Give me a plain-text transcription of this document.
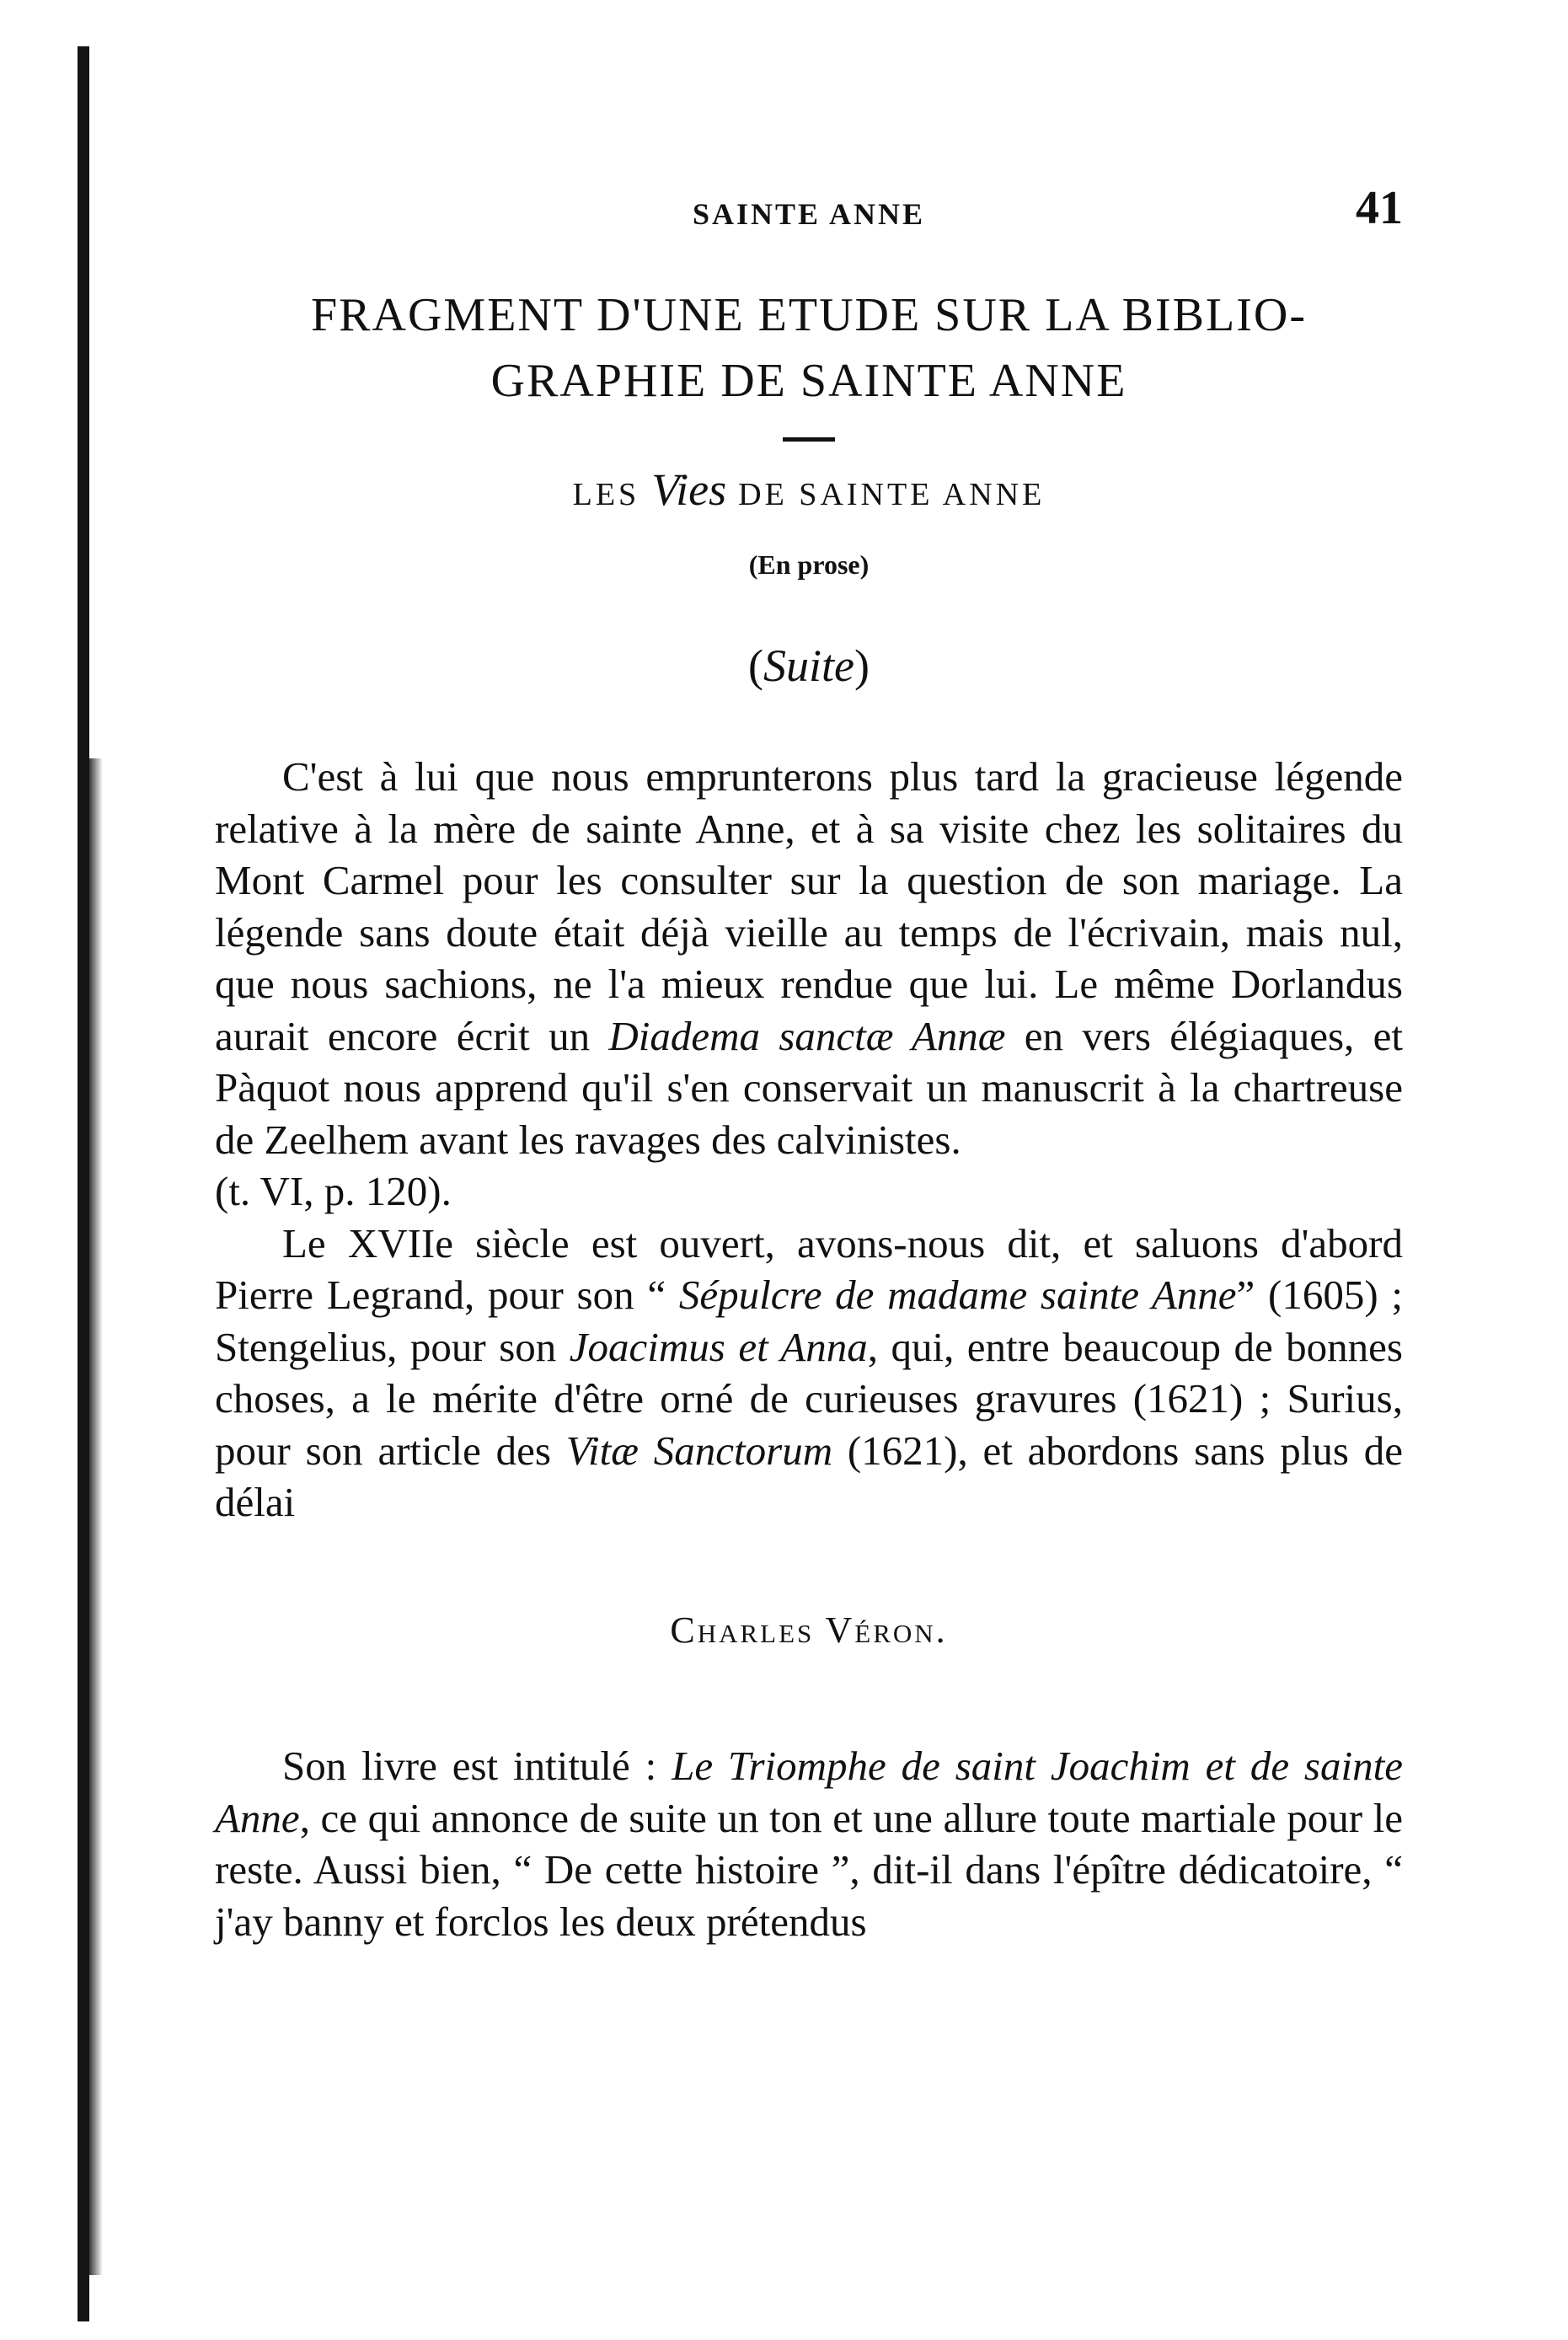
SAINTE ANNE	41
FRAGMENT D'UNE ETUDE SUR LA BIBLIO-
GRAPHIE DE SAINTE ANNE
LES Vies DE SAINTE ANNE
(En prose)
(Suite)

C'est à lui que nous emprunterons plus tard la gracieuse légende relative à la mère de sainte Anne, et à sa visite chez les solitaires du Mont Carmel pour les consulter sur la question de son mariage. La légende sans doute était déjà vieille au temps de l'écrivain, mais nul, que nous sachions, ne l'a mieux rendue que lui. Le même Dorlandus aurait encore écrit un Diadema sanctæ Annæ en vers élégiaques, et Pàquot nous apprend qu'il s'en conservait un manuscrit à la chartreuse de Zeelhem avant les ravages des calvinistes.

(t. VI, p. 120).

Le XVIIe siècle est ouvert, avons-nous dit, et saluons d'abord Pierre Legrand, pour son “ Sépulcre de madame sainte Anne” (1605) ; Stengelius, pour son Joacimus et Anna, qui, entre beaucoup de bonnes choses, a le mérite d'être orné de curieuses gravures (1621) ; Surius, pour son article des Vitæ Sanctorum (1621), et abordons sans plus de délai

Charles Véron.

Son livre est intitulé : Le Triomphe de saint Joachim et de sainte Anne, ce qui annonce de suite un ton et une allure toute martiale pour le reste. Aussi bien, “ De cette histoire ”, dit-il dans l'épître dédicatoire, “ j'ay banny et forclos les deux prétendus
